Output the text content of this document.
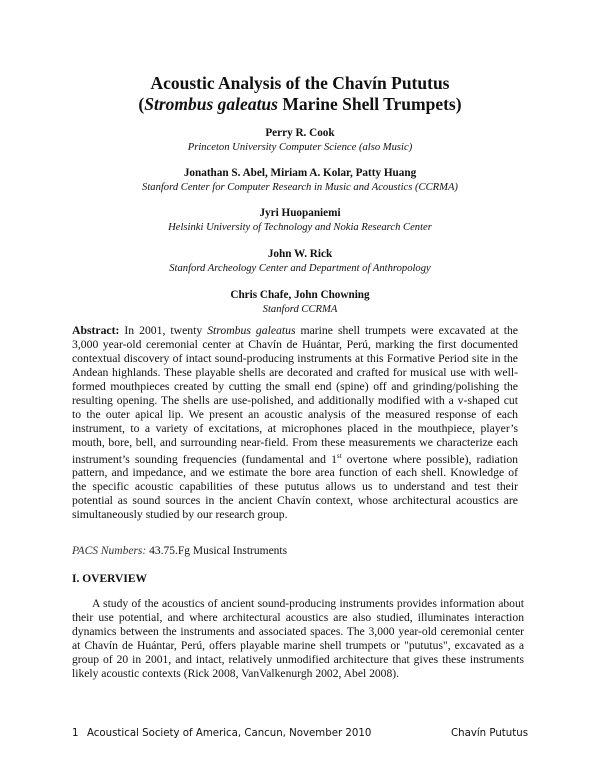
Acoustic Analysis of the Chavín Pututus
(Strombus galeatus Marine Shell Trumpets)
Perry R. Cook
Princeton University Computer Science (also Music)
Jonathan S. Abel, Miriam A. Kolar, Patty Huang
Stanford Center for Computer Research in Music and Acoustics (CCRMA)
Jyri Huopaniemi
Helsinki University of Technology and Nokia Research Center
John W. Rick
Stanford Archeology Center and Department of Anthropology
Chris Chafe, John Chowning
Stanford CCRMA

Abstract: In 2001, twenty Strombus galeatus marine shell trumpets were excavated at the 3,000 year-old ceremonial center at Chavín de Huántar, Perú, marking the first documented contextual discovery of intact sound-producing instruments at this Formative Period site in the Andean highlands. These playable shells are decorated and crafted for musical use with well-formed mouthpieces created by cutting the small end (spine) off and grinding/polishing the resulting opening. The shells are use-polished, and additionally modified with a v-shaped cut to the outer apical lip. We present an acoustic analysis of the measured response of each instrument, to a variety of excitations, at microphones placed in the mouthpiece, player’s mouth, bore, bell, and surrounding near-field. From these measurements we characterize each instrument’s sounding frequencies (fundamental and 1st overtone where possible), radiation pattern, and impedance, and we estimate the bore area function of each shell. Knowledge of the specific acoustic capabilities of these pututus allows us to understand and test their potential as sound sources in the ancient Chavín context, whose architectural acoustics are simultaneously studied by our research group.

PACS Numbers: 43.75.Fg Musical Instruments
I. OVERVIEW

A study of the acoustics of ancient sound-producing instruments provides information about their use potential, and where architectural acoustics are also studied, illuminates interaction dynamics between the instruments and associated spaces. The 3,000 year-old ceremonial center at Chavín de Huántar, Perú, offers playable marine shell trumpets or "pututus", excavated as a group of 20 in 2001, and intact, relatively unmodified architecture that gives these instruments likely acoustic contexts (Rick 2008, VanValkenurgh 2002, Abel 2008).

1 Acoustical Society of America, Cancun, November 2010	Chavín Pututus
